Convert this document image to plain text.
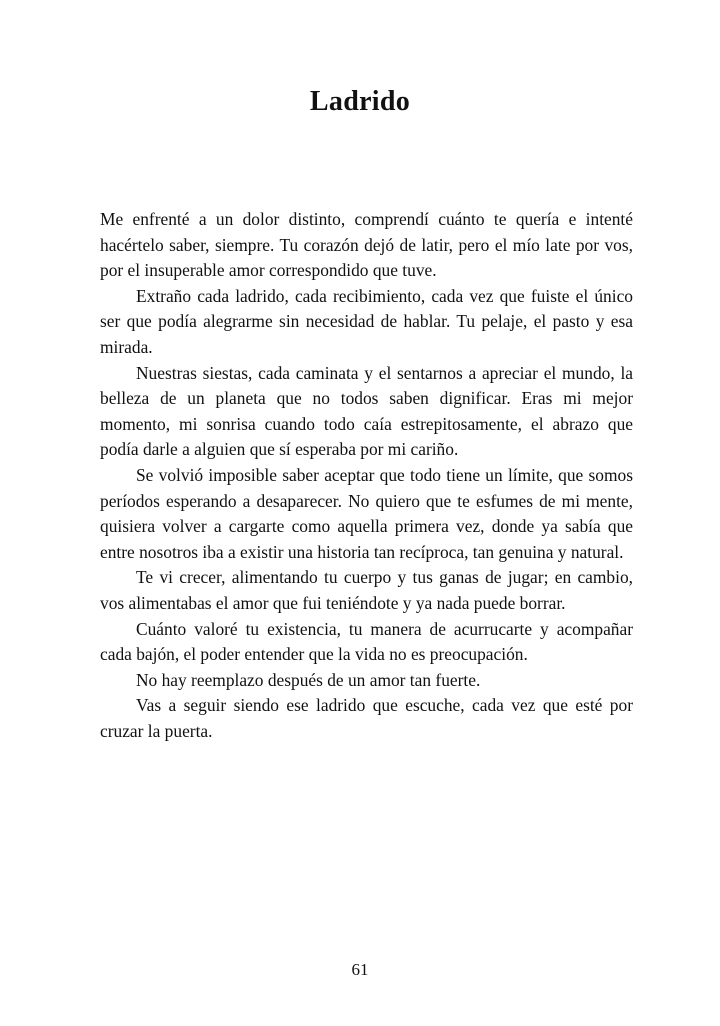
Ladrido

Me enfrenté a un dolor distinto, comprendí cuánto te quería e intenté hacértelo saber, siempre. Tu corazón dejó de latir, pero el mío late por vos, por el insuperable amor correspondido que tuve.

Extraño cada ladrido, cada recibimiento, cada vez que fuiste el único ser que podía alegrarme sin necesidad de hablar. Tu pelaje, el pasto y esa mirada.

Nuestras siestas, cada caminata y el sentarnos a apreciar el mundo, la belleza de un planeta que no todos saben dignificar. Eras mi mejor momento, mi sonrisa cuando todo caía estrepitosamente, el abrazo que podía darle a alguien que sí esperaba por mi cariño.

Se volvió imposible saber aceptar que todo tiene un límite, que somos períodos esperando a desaparecer. No quiero que te esfumes de mi mente, quisiera volver a cargarte como aquella primera vez, donde ya sabía que entre nosotros iba a existir una historia tan recíproca, tan genuina y natural.

Te vi crecer, alimentando tu cuerpo y tus ganas de jugar; en cambio, vos alimentabas el amor que fui teniéndote y ya nada puede borrar.

Cuánto valoré tu existencia, tu manera de acurrucarte y acompañar cada bajón, el poder entender que la vida no es preocupación.

No hay reemplazo después de un amor tan fuerte.

Vas a seguir siendo ese ladrido que escuche, cada vez que esté por cruzar la puerta.

61
